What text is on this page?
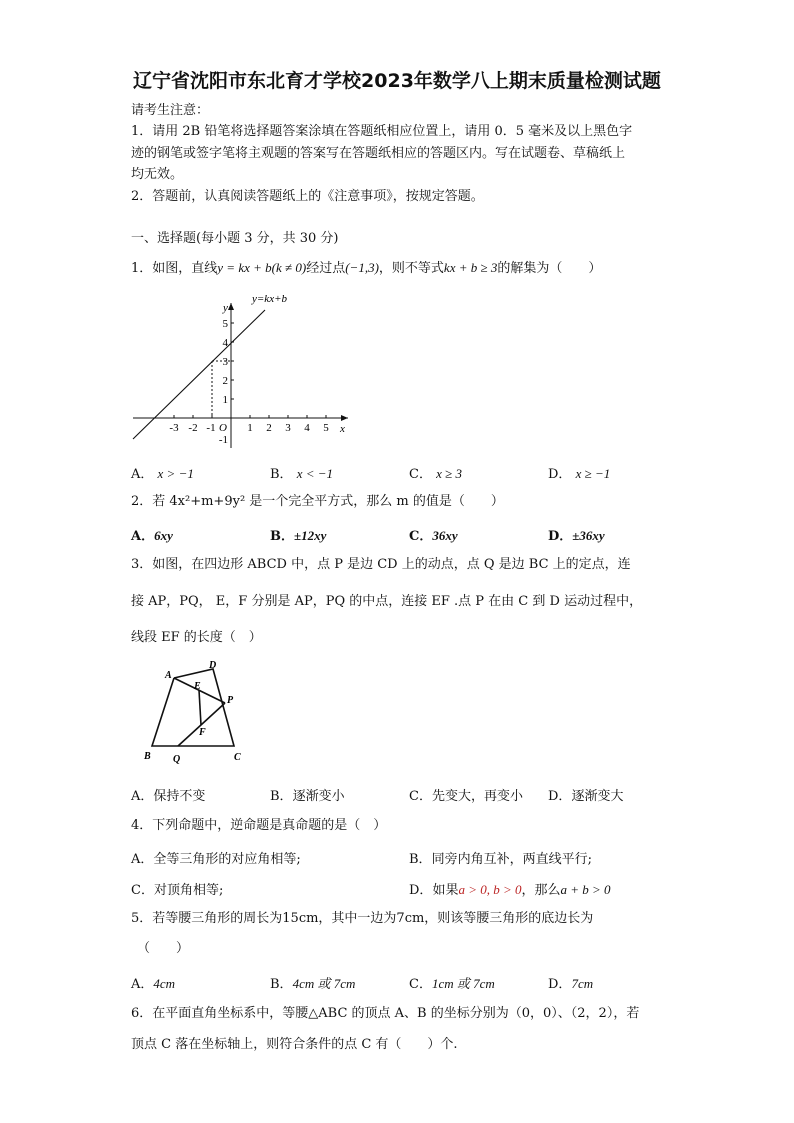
辽宁省沈阳市东北育才学校2023年数学八上期末质量检测试题
请考生注意：
1．请用 2B 铅笔将选择题答案涂填在答题纸相应位置上，请用 0．5 毫米及以上黑色字
迹的钢笔或签字笔将主观题的答案写在答题纸相应的答题区内。写在试题卷、草稿纸上
均无效。
2．答题前，认真阅读答题纸上的《注意事项》，按规定答题。
一、选择题(每小题 3 分，共 30 分)
1．如图，直线y = kx + b(k ≠ 0)经过点(−1,3)，则不等式kx + b ≥ 3的解集为（　　）
y=kx+b
y
x
O
-3 -2 -1	1 2 3 4 5
5
4
3
2
1
-1
A． x > −1	B． x < −1	C． x ≥ 3	D． x ≥ −1
2．若 4x²+m+9y² 是一个完全平方式，那么 m 的值是（　　）
A．6xy	B．±12xy	C．36xy	D．±36xy
3．如图，在四边形 ABCD 中，点 P 是边 CD 上的动点，点 Q 是边 BC 上的定点，连
接 AP，PQ， E，F 分别是 AP，PQ 的中点，连接 EF .点 P 在由 C 到 D 运动过程中，
线段 EF 的长度（　）
A
D
E
P
F
B Q	C
A．保持不变	B．逐渐变小	C．先变大，再变小 D．逐渐变大
4．下列命题中，逆命题是真命题的是（　）
A．全等三角形的对应角相等;	B．同旁内角互补，两直线平行;
C．对顶角相等;	D．如果a > 0, b > 0，那么a + b > 0
5．若等腰三角形的周长为15cm，其中一边为7cm，则该等腰三角形的底边长为
（　　）
A．4cm	B．4cm 或 7cm	C．1cm 或 7cm	D．7cm
6．在平面直角坐标系中，等腰△ABC 的顶点 A、B 的坐标分别为（0，0）、（2，2），若
顶点 C 落在坐标轴上，则符合条件的点 C 有（　　）个.
